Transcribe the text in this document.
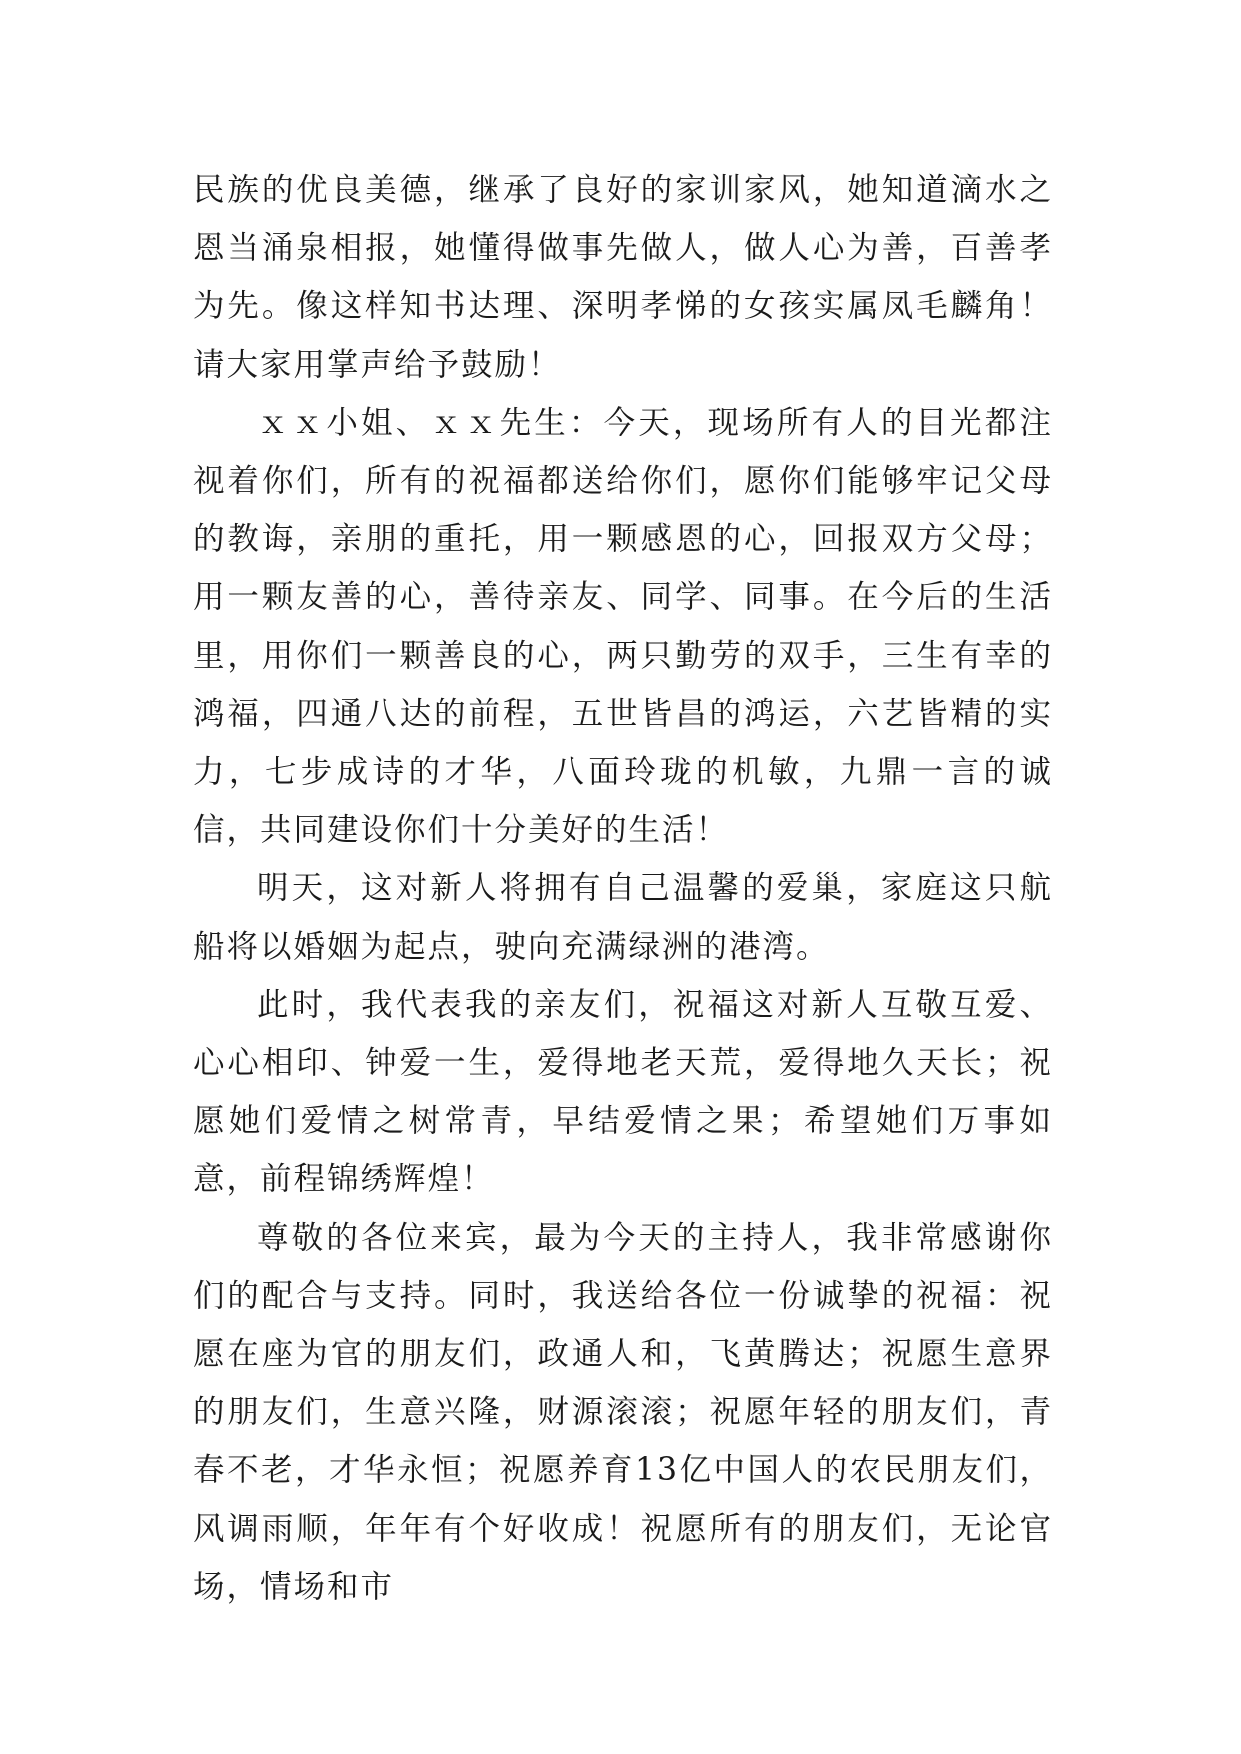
民族的优良美德，继承了良好的家训家风，她知道滴水之恩当涌泉相报，她懂得做事先做人，做人心为善，百善孝为先。像这样知书达理、深明孝悌的女孩实属凤毛麟角！请大家用掌声给予鼓励！

ｘｘ小姐、ｘｘ先生：今天，现场所有人的目光都注视着你们，所有的祝福都送给你们，愿你们能够牢记父母的教诲，亲朋的重托，用一颗感恩的心，回报双方父母；用一颗友善的心，善待亲友、同学、同事。在今后的生活里，用你们一颗善良的心，两只勤劳的双手，三生有幸的鸿福，四通八达的前程，五世皆昌的鸿运，六艺皆精的实力，七步成诗的才华，八面玲珑的机敏，九鼎一言的诚信，共同建设你们十分美好的生活！

明天，这对新人将拥有自己温馨的爱巢，家庭这只航船将以婚姻为起点，驶向充满绿洲的港湾。

此时，我代表我的亲友们，祝福这对新人互敬互爱、心心相印、钟爱一生，爱得地老天荒，爱得地久天长；祝愿她们爱情之树常青，早结爱情之果；希望她们万事如意，前程锦绣辉煌！

尊敬的各位来宾，最为今天的主持人，我非常感谢你们的配合与支持。同时，我送给各位一份诚挚的祝福：祝愿在座为官的朋友们，政通人和，飞黄腾达；祝愿生意界的朋友们，生意兴隆，财源滚滚；祝愿年轻的朋友们，青春不老，才华永恒；祝愿养育13亿中国人的农民朋友们，风调雨顺，年年有个好收成！祝愿所有的朋友们，无论官场，情场和市
